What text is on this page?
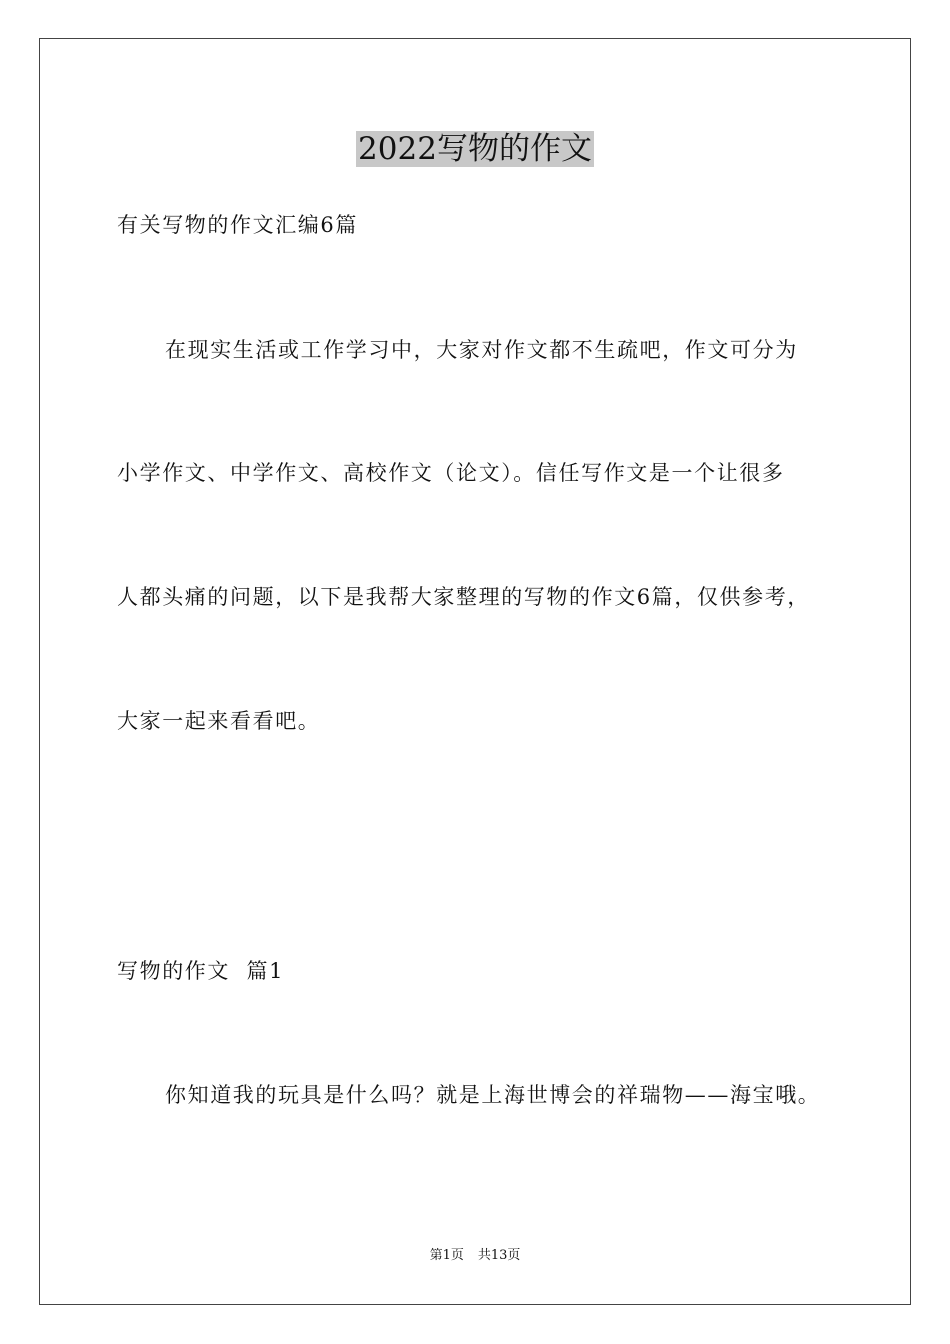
2022写物的作文
有关写物的作文汇编6篇
在现实生活或工作学习中，大家对作文都不生疏吧，作文可分为
小学作文、中学作文、高校作文（论文）。信任写作文是一个让很多
人都头痛的问题，以下是我帮大家整理的写物的作文6篇，仅供参考，
大家一起来看看吧。
写物的作文  篇1
你知道我的玩具是什么吗？就是上海世博会的祥瑞物——海宝哦。
第1页 共13页
